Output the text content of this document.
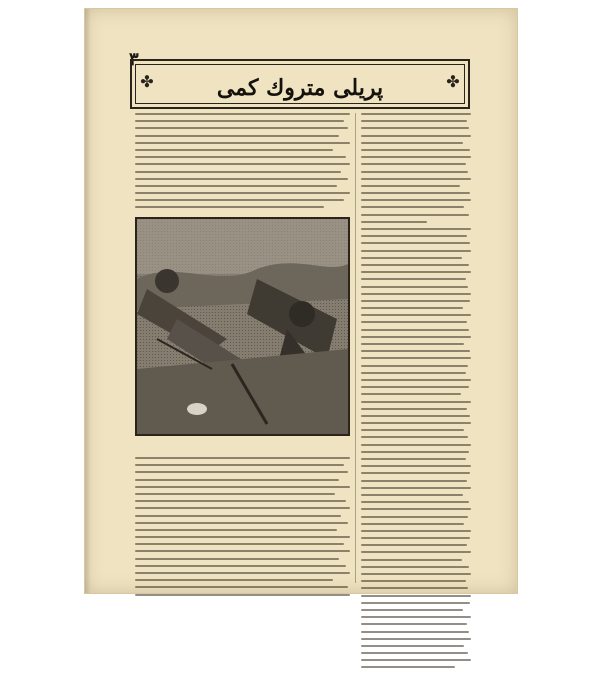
٣
✤	✤
پريلى متروك كمى
